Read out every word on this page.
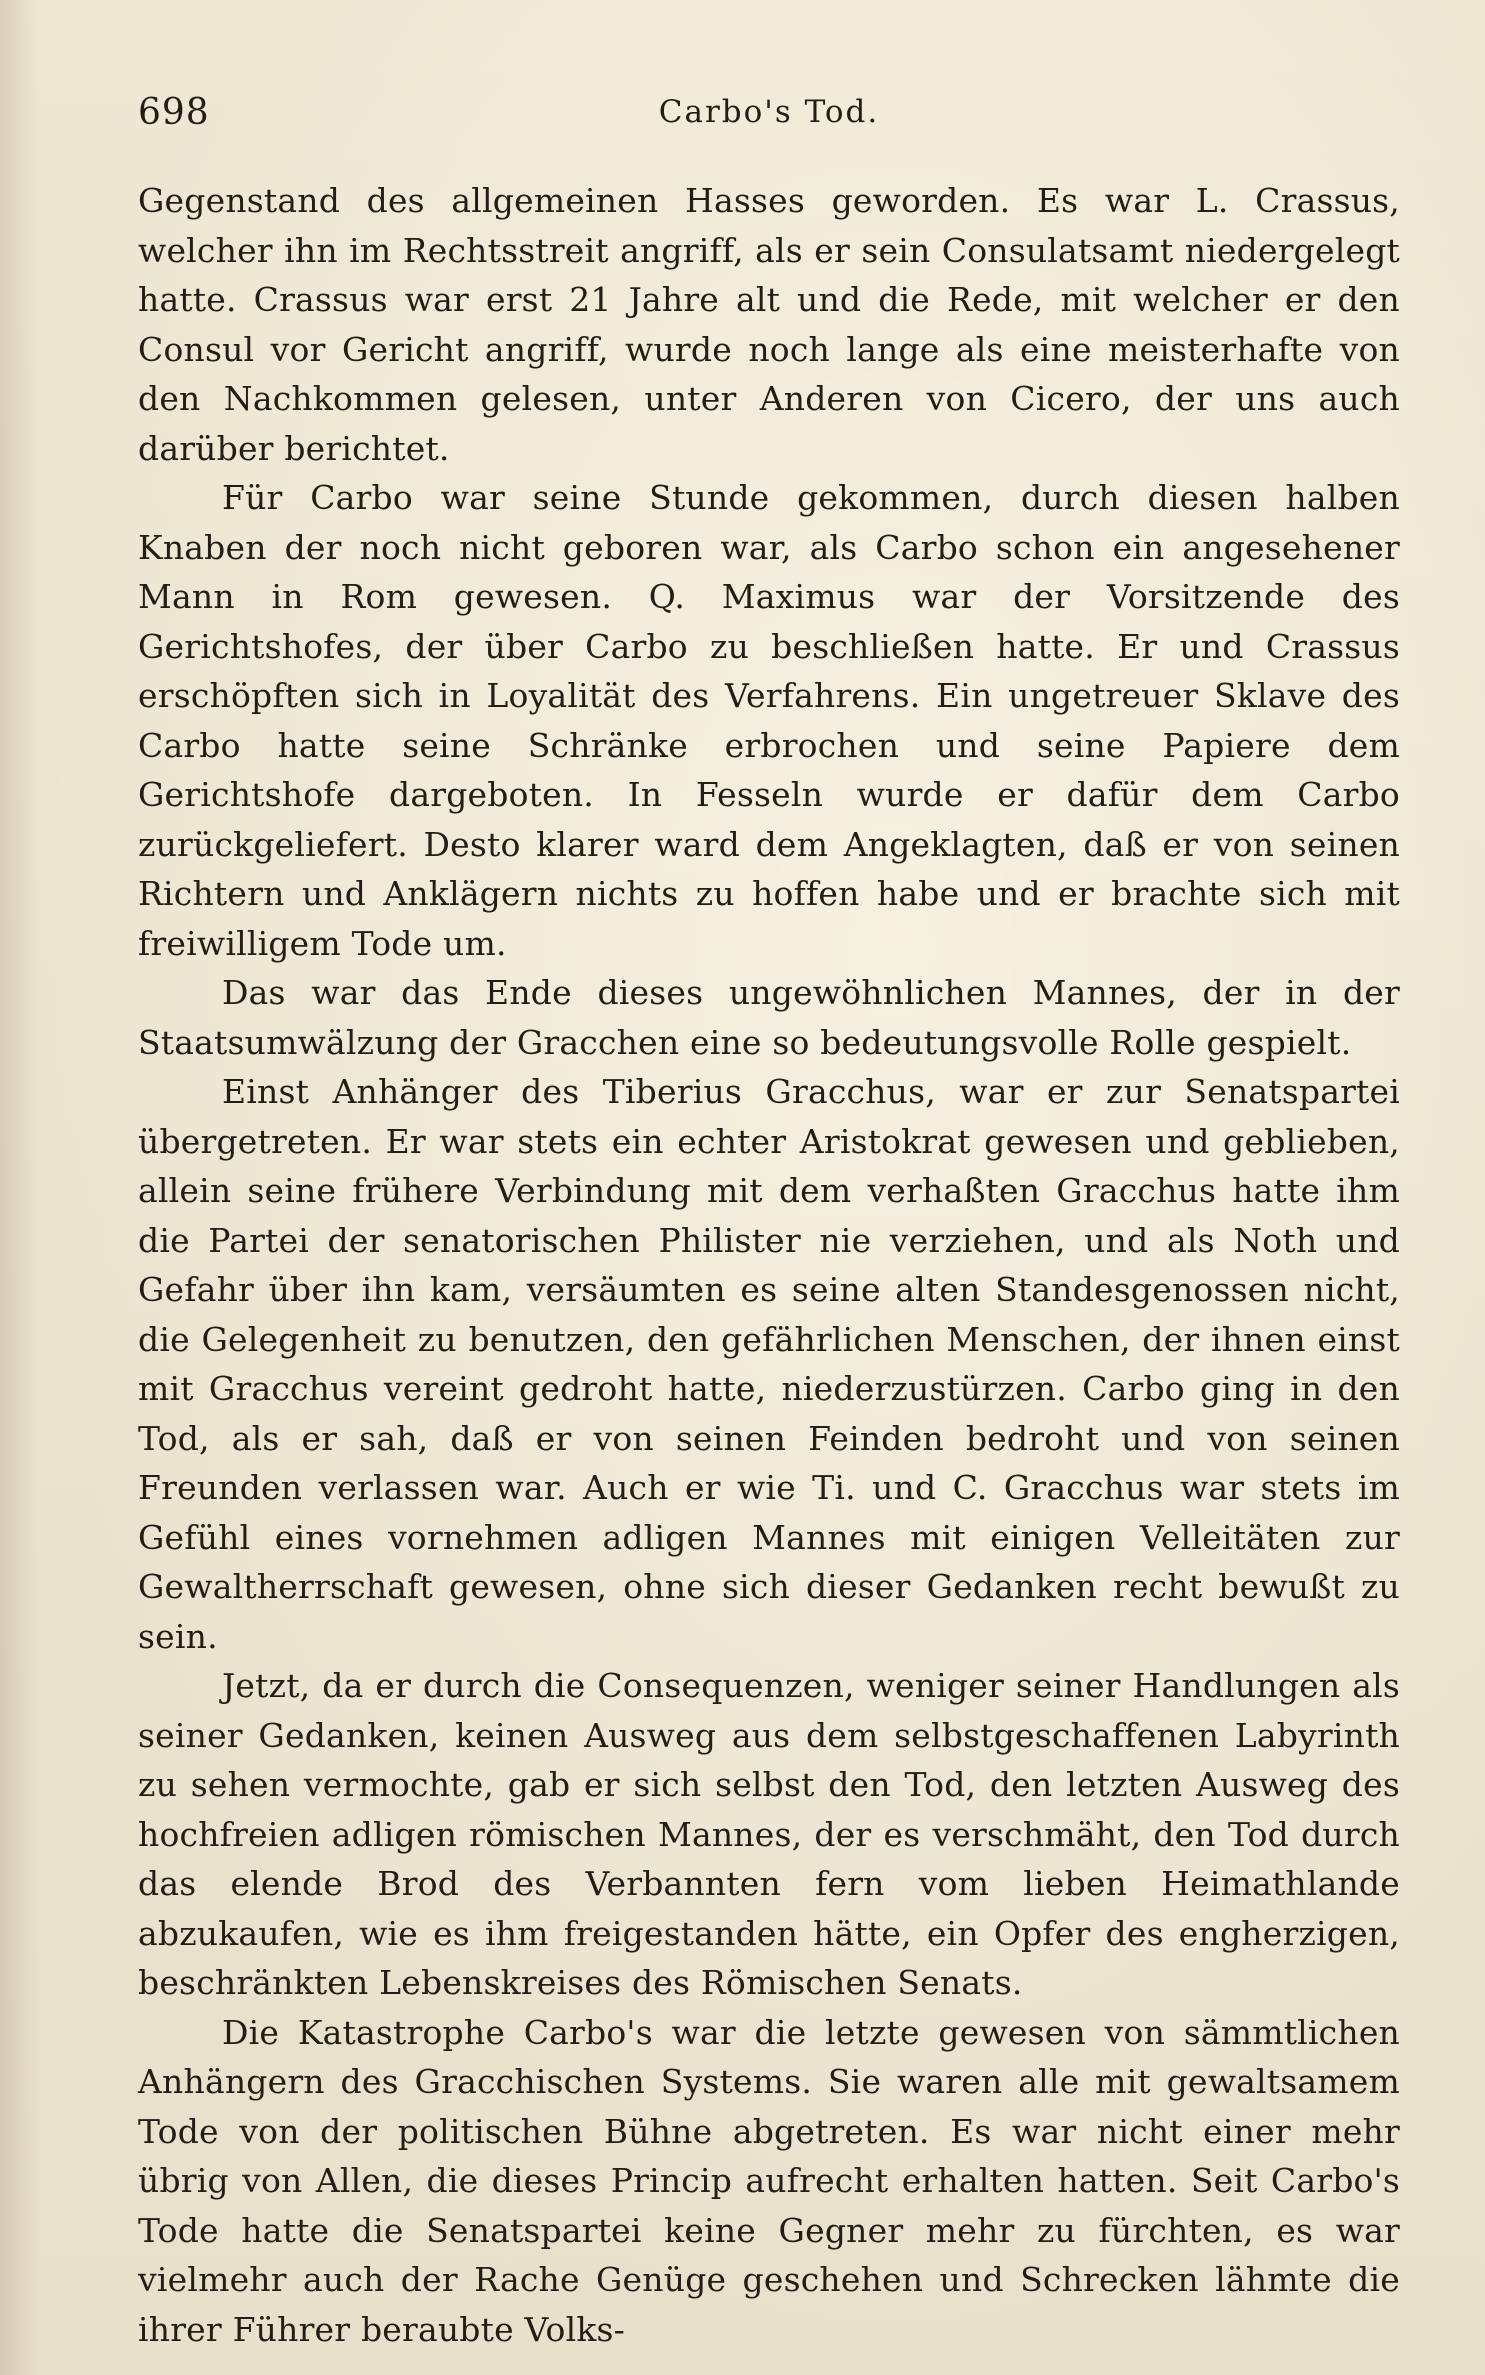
698	Carbo's Tod.

Gegenstand des allgemeinen Hasses geworden. Es war L. Crassus, welcher ihn im Rechtsstreit angriff, als er sein Consulatsamt niedergelegt hatte. Crassus war erst 21 Jahre alt und die Rede, mit welcher er den Consul vor Gericht angriff, wurde noch lange als eine meisterhafte von den Nachkommen gelesen, unter Anderen von Cicero, der uns auch darüber berichtet.

Für Carbo war seine Stunde gekommen, durch diesen halben Knaben der noch nicht geboren war, als Carbo schon ein angesehener Mann in Rom gewesen. Q. Maximus war der Vorsitzende des Gerichtshofes, der über Carbo zu beschließen hatte. Er und Crassus erschöpften sich in Loyalität des Verfahrens. Ein ungetreuer Sklave des Carbo hatte seine Schränke erbrochen und seine Papiere dem Gerichtshofe dargeboten. In Fesseln wurde er dafür dem Carbo zurückgeliefert. Desto klarer ward dem Angeklagten, daß er von seinen Richtern und Anklägern nichts zu hoffen habe und er brachte sich mit freiwilligem Tode um.

Das war das Ende dieses ungewöhnlichen Mannes, der in der Staatsumwälzung der Gracchen eine so bedeutungsvolle Rolle gespielt.

Einst Anhänger des Tiberius Gracchus, war er zur Senatspartei übergetreten. Er war stets ein echter Aristokrat gewesen und geblieben, allein seine frühere Verbindung mit dem verhaßten Gracchus hatte ihm die Partei der senatorischen Philister nie verziehen, und als Noth und Gefahr über ihn kam, versäumten es seine alten Standesgenossen nicht, die Gelegenheit zu benutzen, den gefährlichen Menschen, der ihnen einst mit Gracchus vereint gedroht hatte, niederzustürzen. Carbo ging in den Tod, als er sah, daß er von seinen Feinden bedroht und von seinen Freunden verlassen war. Auch er wie Ti. und C. Gracchus war stets im Gefühl eines vornehmen adligen Mannes mit einigen Velleitäten zur Gewaltherrschaft gewesen, ohne sich dieser Gedanken recht bewußt zu sein.

Jetzt, da er durch die Consequenzen, weniger seiner Handlungen als seiner Gedanken, keinen Ausweg aus dem selbstgeschaffenen Labyrinth zu sehen vermochte, gab er sich selbst den Tod, den letzten Ausweg des hochfreien adligen römischen Mannes, der es verschmäht, den Tod durch das elende Brod des Verbannten fern vom lieben Heimathlande abzukaufen, wie es ihm freigestanden hätte, ein Opfer des engherzigen, beschränkten Lebenskreises des Römischen Senats.

Die Katastrophe Carbo's war die letzte gewesen von sämmtlichen Anhängern des Gracchischen Systems. Sie waren alle mit gewaltsamem Tode von der politischen Bühne abgetreten. Es war nicht einer mehr übrig von Allen, die dieses Princip aufrecht erhalten hatten. Seit Carbo's Tode hatte die Senatspartei keine Gegner mehr zu fürchten, es war vielmehr auch der Rache Genüge geschehen und Schrecken lähmte die ihrer Führer beraubte Volks-
